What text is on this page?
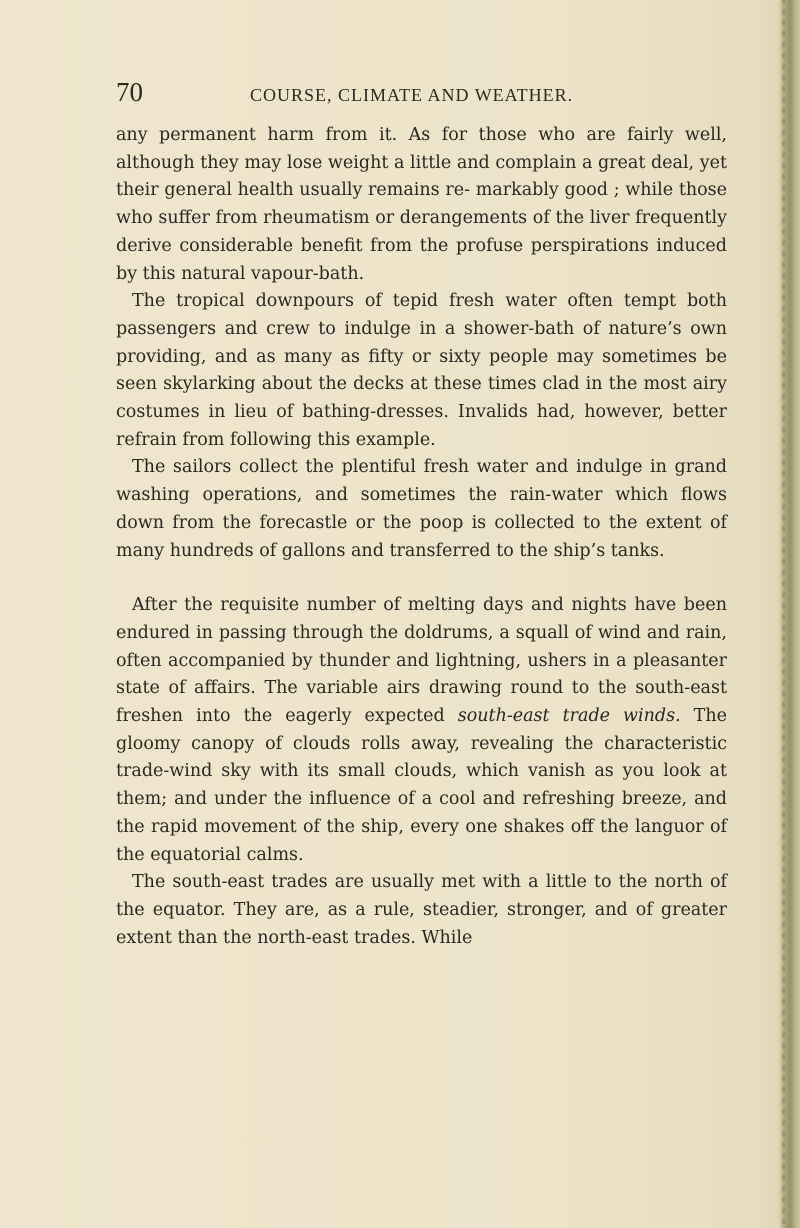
70	COURSE, CLIMATE AND WEATHER.

any permanent harm from it. As for those who are fairly well, although they may lose weight a little and complain a great deal, yet their general health usually remains re- markably good ; while those who suffer from rheumatism or derangements of the liver frequently derive considerable benefit from the profuse perspirations induced by this natural vapour-bath.

The tropical downpours of tepid fresh water often tempt both passengers and crew to indulge in a shower-bath of nature’s own providing, and as many as fifty or sixty people may sometimes be seen skylarking about the decks at these times clad in the most airy costumes in lieu of bathing-dresses. Invalids had, however, better refrain from following this example.

The sailors collect the plentiful fresh water and indulge in grand washing operations, and sometimes the rain-water which flows down from the forecastle or the poop is collected to the extent of many hundreds of gallons and transferred to the ship’s tanks.

After the requisite number of melting days and nights have been endured in passing through the doldrums, a squall of wind and rain, often accompanied by thunder and lightning, ushers in a pleasanter state of affairs. The variable airs drawing round to the south-east freshen into the eagerly expected south-east trade winds. The gloomy canopy of clouds rolls away, revealing the characteristic trade-wind sky with its small clouds, which vanish as you look at them; and under the influence of a cool and refreshing breeze, and the rapid movement of the ship, every one shakes off the languor of the equatorial calms.

The south-east trades are usually met with a little to the north of the equator. They are, as a rule, steadier, stronger, and of greater extent than the north-east trades. While
